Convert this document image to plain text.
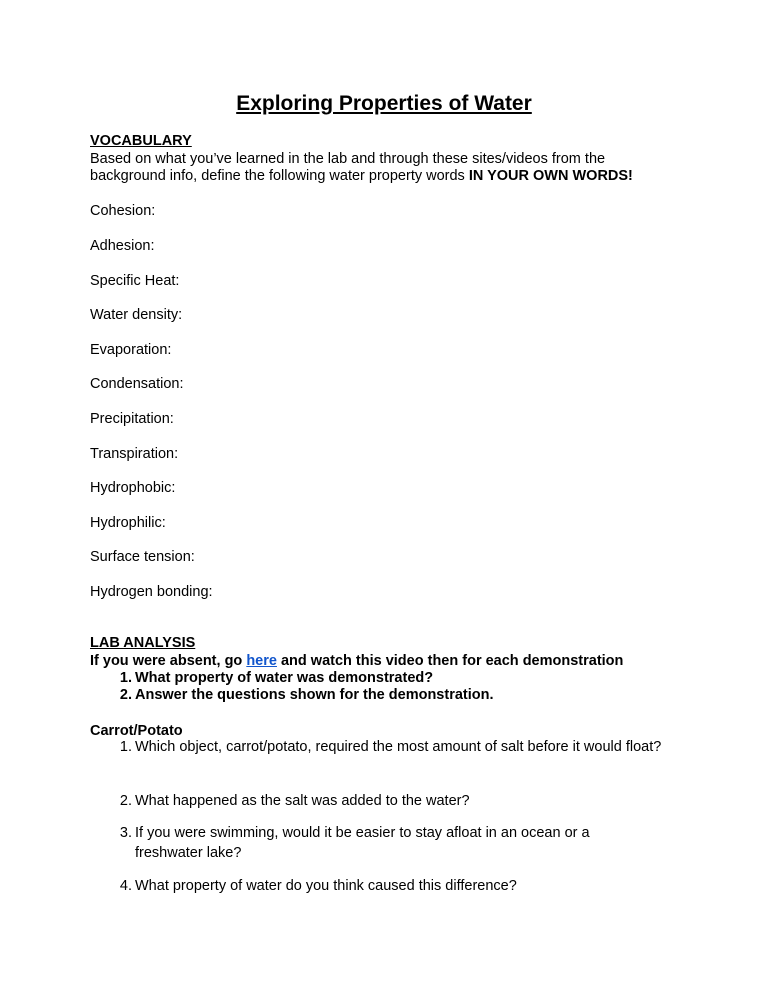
Exploring Properties of Water
VOCABULARY
Based on what you’ve learned in the lab and through these sites/videos from the
background info, define the following water property words IN YOUR OWN WORDS!
Cohesion:
Adhesion:
Specific Heat:
Water density:
Evaporation:
Condensation:
Precipitation:
Transpiration:
Hydrophobic:
Hydrophilic:
Surface tension:
Hydrogen bonding:
LAB ANALYSIS
If you were absent, go here and watch this video then for each demonstration
1. What property of water was demonstrated?
2. Answer the questions shown for the demonstration.
Carrot/Potato
1. Which object, carrot/potato, required the most amount of salt before it would float?
2. What happened as the salt was added to the water?
3. If you were swimming, would it be easier to stay afloat in an ocean or a freshwater lake?
4. What property of water do you think caused this difference?
